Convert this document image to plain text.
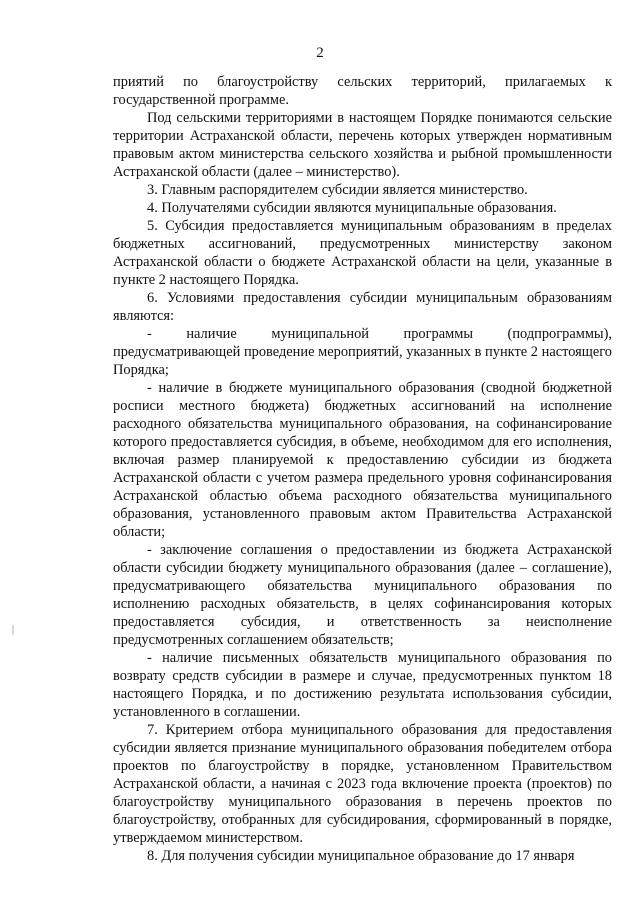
2

приятий по благоустройству сельских территорий, прилагаемых к государственной программе.

Под сельскими территориями в настоящем Порядке понимаются сельские территории Астраханской области, перечень которых утвержден нормативным правовым актом министерства сельского хозяйства и рыбной промышленности Астраханской области (далее – министерство).

3. Главным распорядителем субсидии является министерство.

4. Получателями субсидии являются муниципальные образования.

5. Субсидия предоставляется муниципальным образованиям в пределах бюджетных ассигнований, предусмотренных министерству законом Астраханской области о бюджете Астраханской области на цели, указанные в пункте 2 настоящего Порядка.

6. Условиями предоставления субсидии муниципальным образованиям являются:

- наличие муниципальной программы (подпрограммы), предусматривающей проведение мероприятий, указанных в пункте 2 настоящего Порядка;

- наличие в бюджете муниципального образования (сводной бюджетной росписи местного бюджета) бюджетных ассигнований на исполнение расходного обязательства муниципального образования, на софинансирование которого предоставляется субсидия, в объеме, необходимом для его исполнения, включая размер планируемой к предоставлению субсидии из бюджета Астраханской области с учетом размера предельного уровня софинансирования Астраханской областью объема расходного обязательства муниципального образования, установленного правовым актом Правительства Астраханской области;

- заключение соглашения о предоставлении из бюджета Астраханской области субсидии бюджету муниципального образования (далее – соглашение), предусматривающего обязательства муниципального образования по исполнению расходных обязательств, в целях софинансирования которых предоставляется субсидия, и ответственность за неисполнение предусмотренных соглашением обязательств;

- наличие письменных обязательств муниципального образования по возврату средств субсидии в размере и случае, предусмотренных пунктом 18 настоящего Порядка, и по достижению результата использования субсидии, установленного в соглашении.

7. Критерием отбора муниципального образования для предоставления субсидии является признание муниципального образования победителем отбора проектов по благоустройству в порядке, установленном Правительством Астраханской области, а начиная с 2023 года включение проекта (проектов) по благоустройству муниципального образования в перечень проектов по благоустройству, отобранных для субсидирования, сформированный в порядке, утверждаемом министерством.

8. Для получения субсидии муниципальное образование до 17 января
